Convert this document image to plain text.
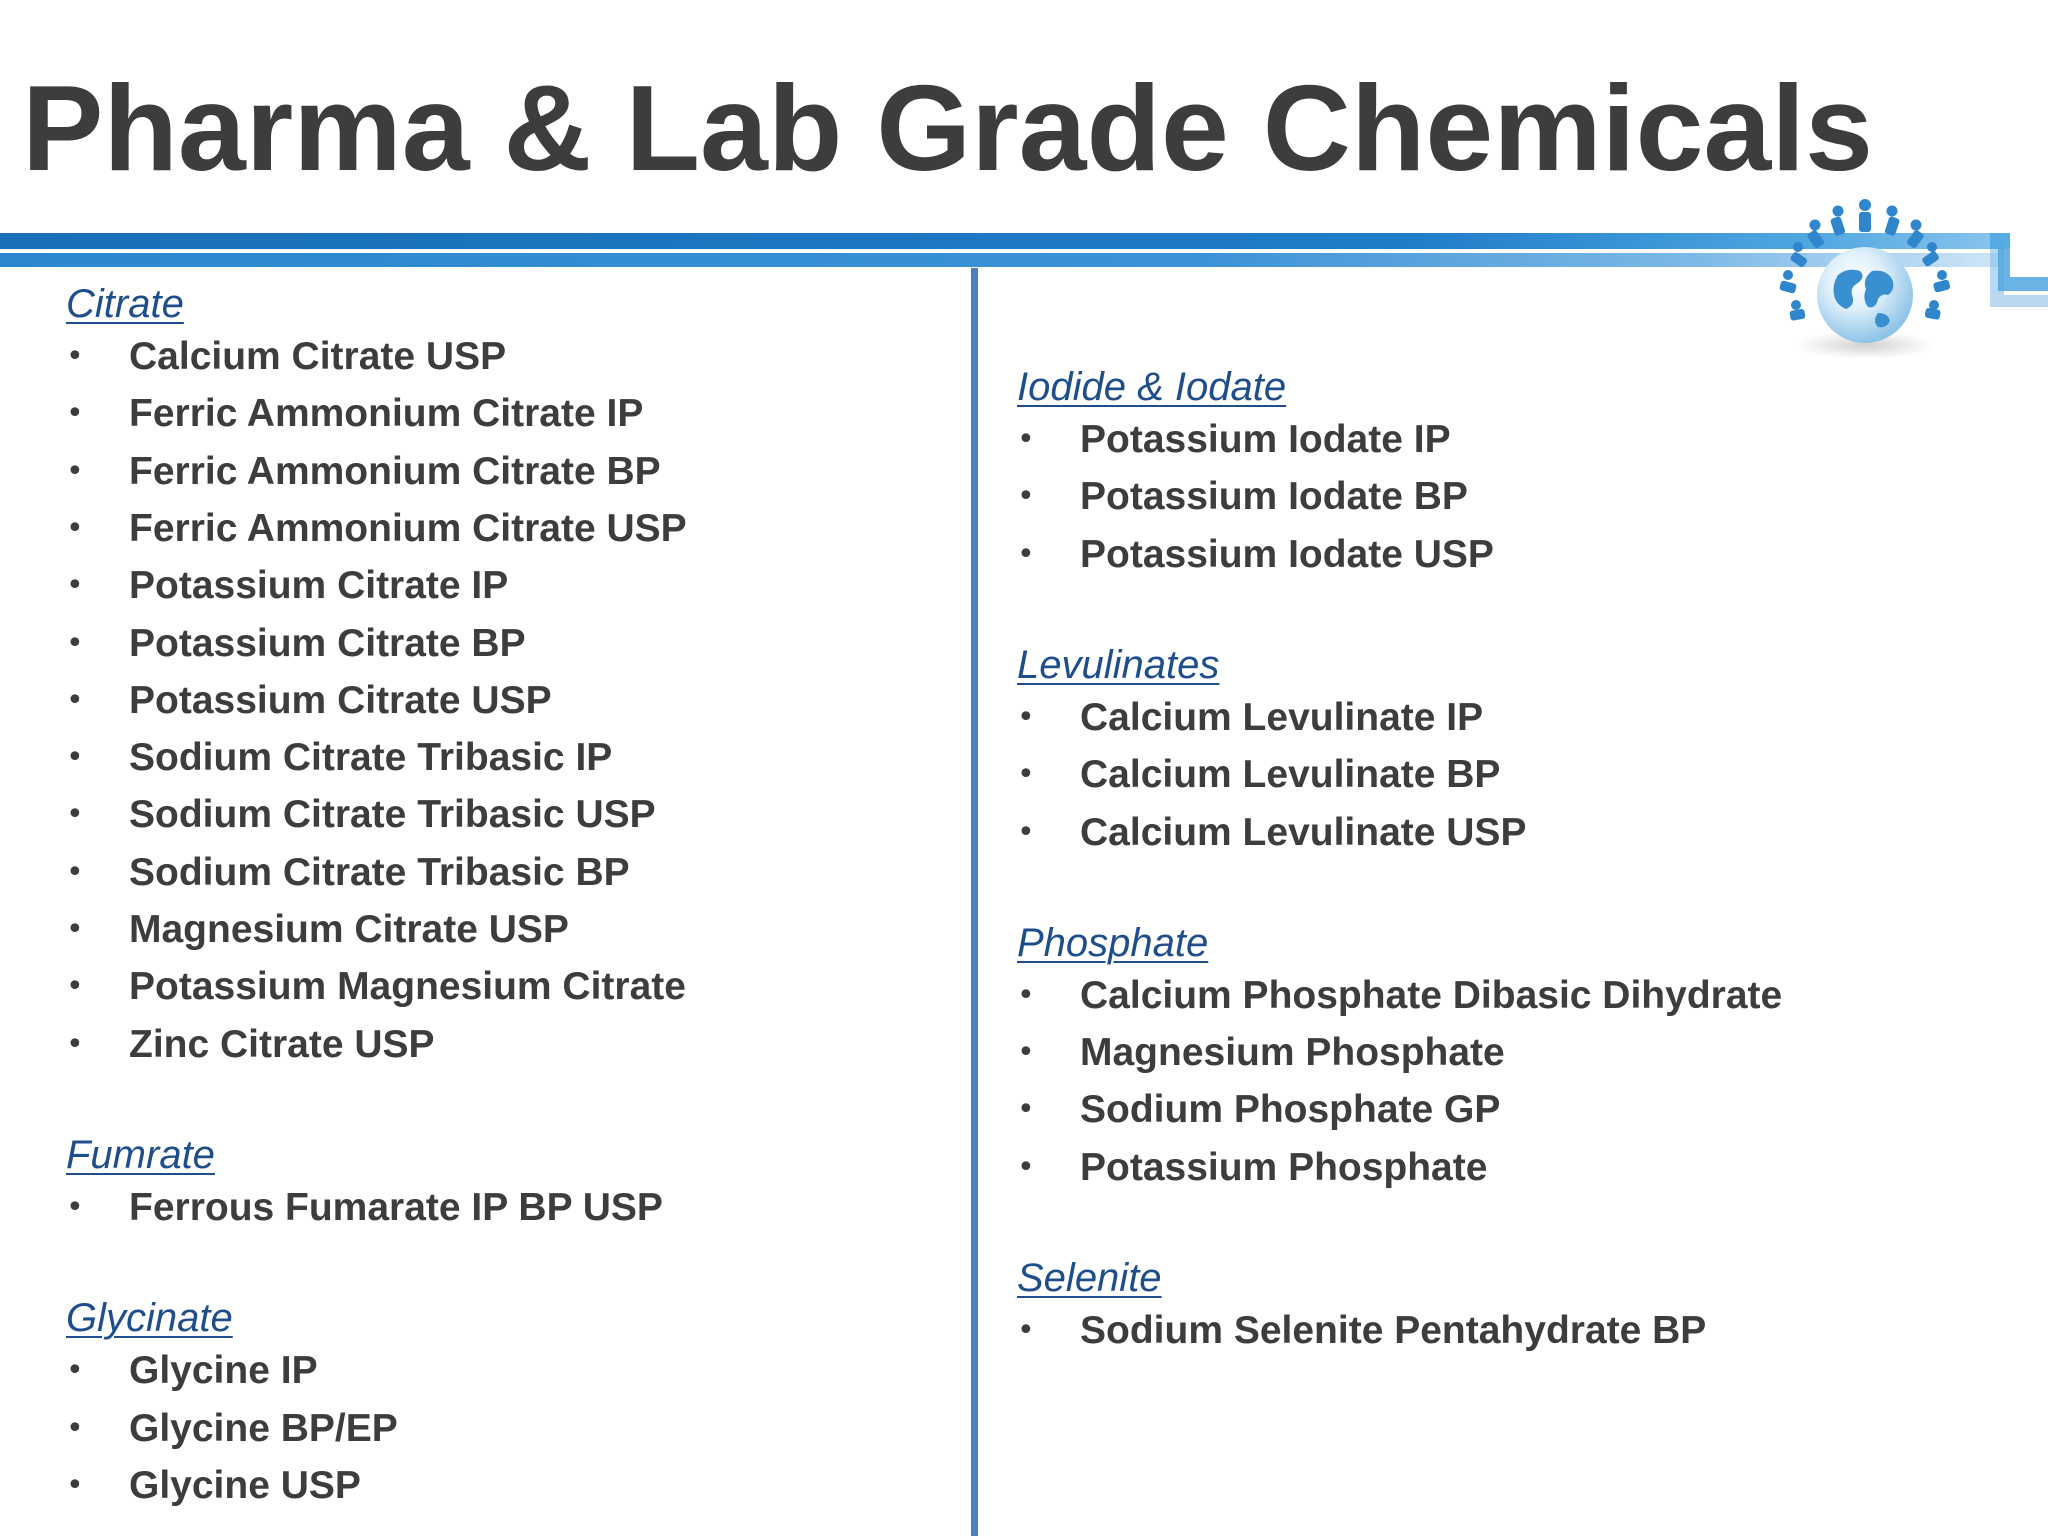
Pharma & Lab Grade Chemicals
Citrate
• Calcium Citrate USP
• Ferric Ammonium Citrate IP
• Ferric Ammonium Citrate BP
• Ferric Ammonium Citrate USP
• Potassium Citrate IP
• Potassium Citrate BP
• Potassium Citrate USP
• Sodium Citrate Tribasic IP
• Sodium Citrate Tribasic USP
• Sodium Citrate Tribasic BP
• Magnesium Citrate USP
• Potassium Magnesium Citrate
• Zinc Citrate USP
Fumrate
• Ferrous Fumarate IP BP USP
Glycinate
• Glycine IP
• Glycine BP/EP
• Glycine USP
Iodide & Iodate
• Potassium Iodate IP
• Potassium Iodate BP
• Potassium Iodate USP
Levulinates
• Calcium Levulinate IP
• Calcium Levulinate BP
• Calcium Levulinate USP
Phosphate
• Calcium Phosphate Dibasic Dihydrate
• Magnesium Phosphate
• Sodium Phosphate GP
• Potassium Phosphate
Selenite
• Sodium Selenite Pentahydrate BP
